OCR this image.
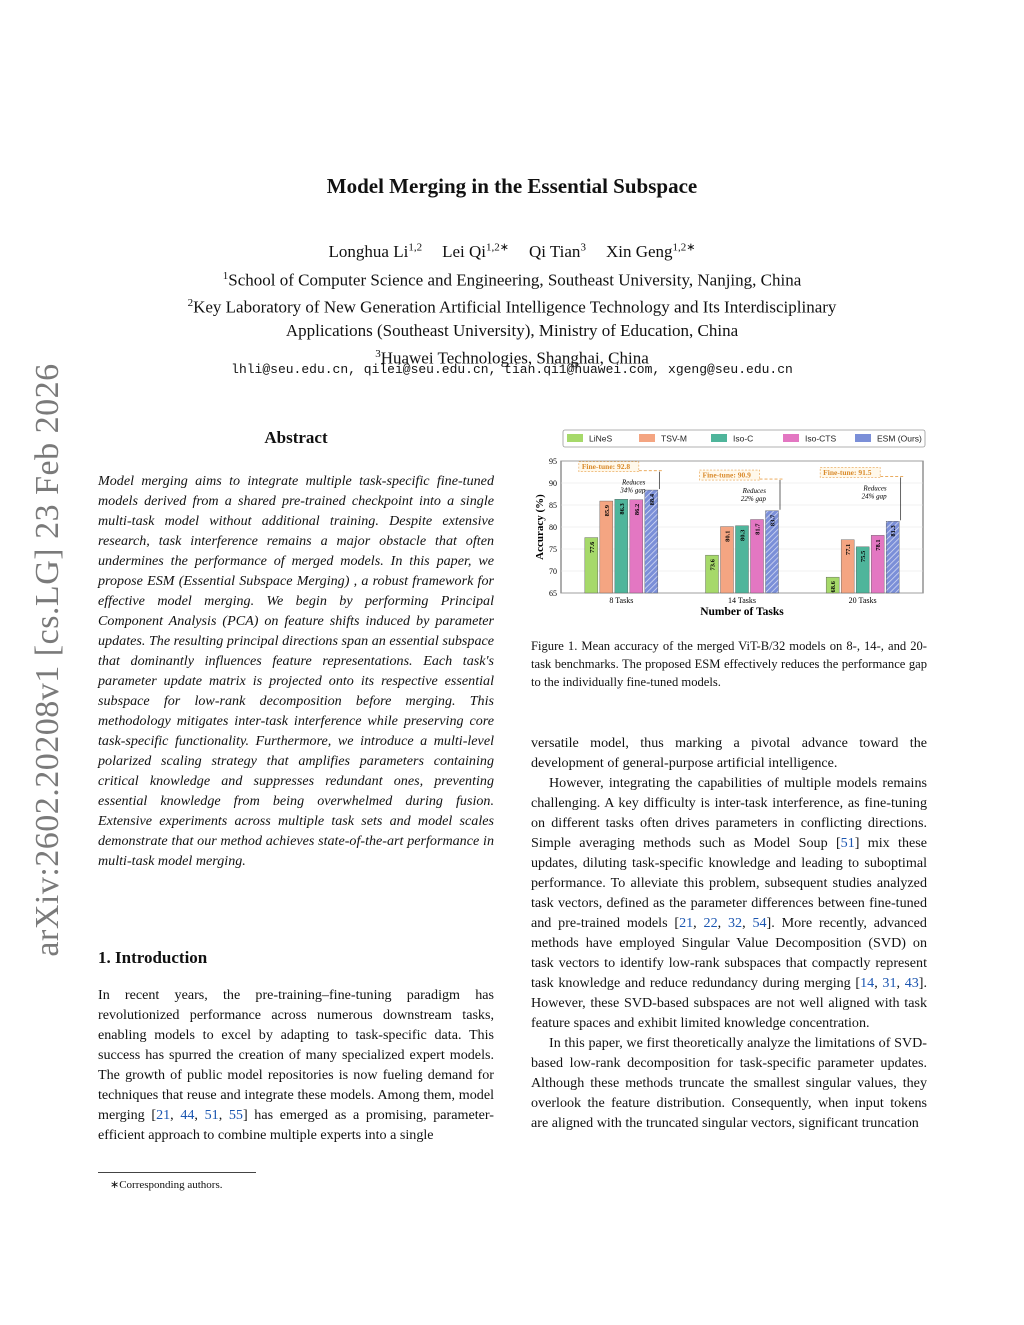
arXiv:2602.20208v1 [cs.LG] 23 Feb 2026
Model Merging in the Essential Subspace
Longhua Li$^{1,2}$ Lei $Qi^{1,2∗}$ Qi Tian$^3$ Xin Geng$^{1,2∗}$
$^1$School of Computer Science and Engineering, Southeast University, Nanjing, China
$^2$Key Laboratory of New Generation Artificial Intelligence Technology and Its Interdisciplinary
Applications (Southeast University), Ministry of Education, China
$^3$Huawei Technologies, Shanghai, China
lhli@seu.edu.cn, qilei@seu.edu.cn, tian.qi1@huawei.com, xgeng@seu.edu.cn
Abstract

Model merging aims to integrate multiple task-specific fine-tuned models derived from a shared pre-trained checkpoint into a single multi-task model without additional training. Despite extensive research, task interference remains a major obstacle that often undermines the performance of merged models. In this paper, we propose ESM (Essential Subspace Merging) , a robust framework for effective model merging. We begin by performing Principal Component Analysis (PCA) on feature shifts induced by parameter updates. The resulting principal directions span an essential subspace that dominantly influences feature representations. Each task's parameter update matrix is projected onto its respective essential subspace for low-rank decomposition before merging. This methodology mitigates inter-task interference while preserving core task-specific functionality. Furthermore, we introduce a multi-level polarized scaling strategy that amplifies parameters containing critical knowledge and suppresses redundant ones, preventing essential knowledge from being overwhelmed during fusion. Extensive experiments across multiple task sets and model scales demonstrate that our method achieves state-of-the-art performance in multi-task model merging.

1. Introduction

In recent years, the pre-training–fine-tuning paradigm has revolutionized performance across numerous downstream tasks, enabling models to excel by adapting to task-specific data. This success has spurred the creation of many specialized expert models. The growth of public model repositories is now fueling demand for techniques that reuse and integrate these models. Among them, model merging [21, 44, 51, 55] has emerged as a promising, parameter-efficient approach to combine multiple experts into a single

∗Corresponding authors.
LiNeS	TSV-M	Iso-C	Iso-CTS	ESM (Ours)
65
70
75
80
85
90
95
Accuracy (%)
Number of Tasks
77.6
85.9 86.3 86.2
88.4
8 Tasks
Fine-tune: 92.8
Reduces
34% gap
73.6
80.1 80.3
81.7
83.7
14 Tasks
Fine-tune: 90.9
Reduces
22% gap
68.6
77.1
75.5
78.1
81.3
20 Tasks
Fine-tune: 91.5
Reduces
24% gap
Figure 1. Mean accuracy of the merged ViT-B/32 models on 8-, 14-, and 20-task benchmarks. The proposed ESM effectively reduces the performance gap to the individually fine-tuned models.

versatile model, thus marking a pivotal advance toward the development of general-purpose artificial intelligence.

However, integrating the capabilities of multiple models remains challenging. A key difficulty is inter-task interference, as fine-tuning on different tasks often drives parameters in conflicting directions. Simple averaging methods such as Model Soup [51] mix these updates, diluting task-specific knowledge and leading to suboptimal performance. To alleviate this problem, subsequent studies analyzed task vectors, defined as the parameter differences between fine-tuned and pre-trained models [21, 22, 32, 54]. More recently, advanced methods have employed Singular Value Decomposition (SVD) on task vectors to identify low-rank subspaces that compactly represent task knowledge and reduce redundancy during merging [14, 31, 43]. However, these SVD-based subspaces are not well aligned with task feature spaces and exhibit limited knowledge concentration.

In this paper, we first theoretically analyze the limitations of SVD-based low-rank decomposition for task-specific parameter updates. Although these methods truncate the smallest singular values, they overlook the feature distribution. Consequently, when input tokens are aligned with the truncated singular vectors, significant truncation
